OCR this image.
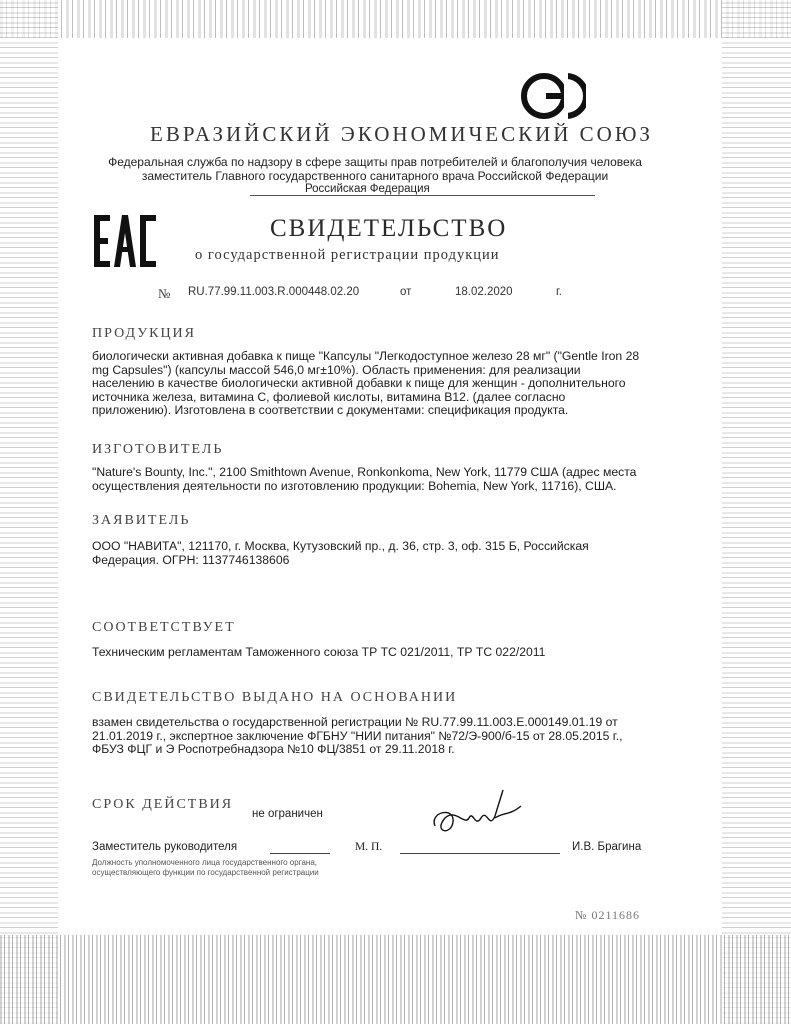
ЕВРАЗИЙСКИЙ ЭКОНОМИЧЕСКИЙ СОЮЗ
Федеральная служба по надзору в сфере защиты прав потребителей и благополучия человека
заместитель Главного государственного санитарного врача Российской Федерации
Российская Федерация
СВИДЕТЕЛЬСТВО
о государственной регистрации продукции
№ RU.77.99.11.003.R.000448.02.20	от	18.02.2020	г.
ПРОДУКЦИЯ
биологически активная добавка к пище "Капсулы "Легкодоступное железо 28 мг" ("Gentle Iron 28 mg Capsules") (капсулы массой 546,0 мг±10%). Область применения: для реализации населению в качестве биологически активной добавки к пище для женщин - дополнительного источника железа, витамина С, фолиевой кислоты, витамина В12. (далее согласно приложению). Изготовлена в соответствии с документами: спецификация продукта.
ИЗГОТОВИТЕЛЬ
"Nature's Bounty, Inc.", 2100 Smithtown Avenue, Ronkonkoma, New York, 11779 США (адрес места осуществления деятельности по изготовлению продукции: Bohemia, New York, 11716), США.
ЗАЯВИТЕЛЬ
ООО "НАВИТА", 121170, г. Москва, Кутузовский пр., д. 36, стр. 3, оф. 315 Б, Российская Федерация. ОГРН: 1137746138606
СООТВЕТСТВУЕТ
Техническим регламентам Таможенного союза ТР ТС 021/2011, ТР ТС 022/2011
СВИДЕТЕЛЬСТВО ВЫДАНО НА ОСНОВАНИИ
взамен свидетельства о государственной регистрации № RU.77.99.11.003.Е.000149.01.19 от 21.01.2019 г., экспертное заключение ФГБНУ "НИИ питания" №72/Э-900/б-15 от 28.05.2015 г., ФБУЗ ФЦГ и Э Роспотребнадзора №10 ФЦ/3851 от 29.11.2018 г.
СРОК ДЕЙСТВИЯ
не ограничен
Заместитель руководителя	М. П.	И.В. Брагина
Должность уполномоченного лица государственного органа, осуществляющего функции по государственной регистрации
№ 0211686
